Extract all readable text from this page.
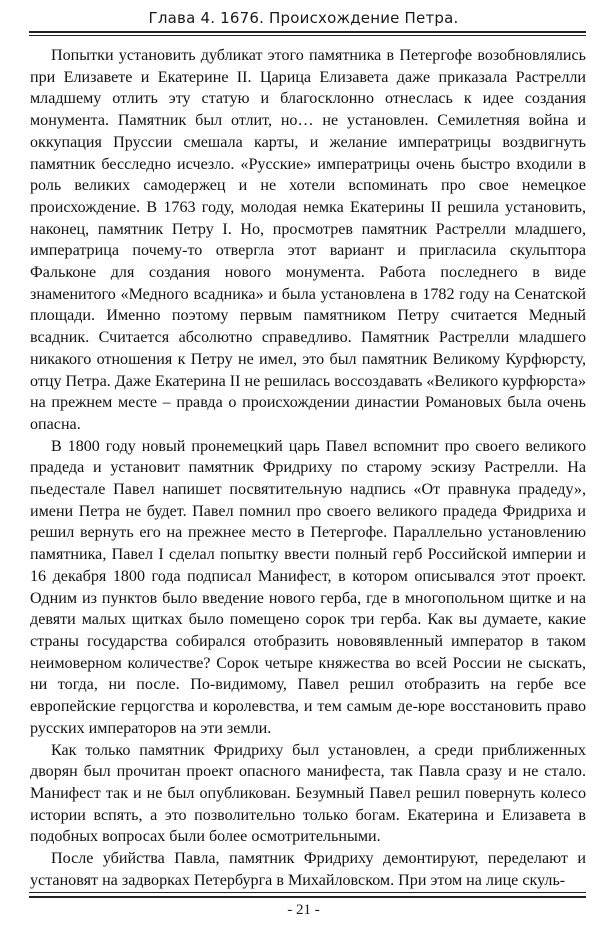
Глава 4. 1676. Происхождение Петра.

Попытки установить дубликат этого памятника в Петергофе возобновлялись при Елизавете и Екатерине II. Царица Елизавета даже приказала Растрелли младшему отлить эту статую и благосклонно отнеслась к идее создания монумента. Памятник был отлит, но… не установлен. Семилетняя война и оккупация Пруссии смешала карты, и желание императрицы воздвигнуть памятник бесследно исчезло. «Русские» императрицы очень быстро входили в роль великих самодержец и не хотели вспоминать про свое немецкое происхождение. В 1763 году, молодая немка Екатерины II решила установить, наконец, памятник Петру I. Но, просмотрев памятник Растрелли младшего, императрица почему-то отвергла этот вариант и пригласила скульптора Фальконе для создания нового монумента. Работа последнего в виде знаменитого «Медного всадника» и была установлена в 1782 году на Сенатской площади. Именно поэтому первым памятником Петру считается Медный всадник. Считается абсолютно справедливо. Памятник Растрелли младшего никакого отношения к Петру не имел, это был памятник Великому Курфюрсту, отцу Петра. Даже Екатерина II не решилась воссоздавать «Великого курфюрста» на прежнем месте – правда о происхождении династии Романовых была очень опасна.

В 1800 году новый пронемецкий царь Павел вспомнит про своего великого прадеда и установит памятник Фридриху по старому эскизу Растрелли. На пьедестале Павел напишет посвятительную надпись «От правнука прадеду», имени Петра не будет. Павел помнил про своего великого прадеда Фридриха и решил вернуть его на прежнее место в Петергофе. Параллельно установлению памятника, Павел I сделал попытку ввести полный герб Российской империи и 16 декабря 1800 года подписал Манифест, в котором описывался этот проект. Одним из пунктов было введение нового герба, где в многопольном щитке и на девяти малых щитках было помещено сорок три герба. Как вы думаете, какие страны государства собирался отобразить нововявленный император в таком неимоверном количестве? Сорок четыре княжества во всей России не сыскать, ни тогда, ни после. По-видимому, Павел решил отобразить на гербе все европейские герцогства и королевства, и тем самым де-юре восстановить право русских императоров на эти земли.

Как только памятник Фридриху был установлен, а среди приближенных дворян был прочитан проект опасного манифеста, так Павла сразу и не стало. Манифест так и не был опубликован. Безумный Павел решил повернуть колесо истории вспять, а это позволительно только богам. Екатерина и Елизавета в подобных вопросах были более осмотрительными.

После убийства Павла, памятник Фридриху демонтируют, переделают и установят на задворках Петербурга в Михайловском. При этом на лице скуль-

- 21 -
